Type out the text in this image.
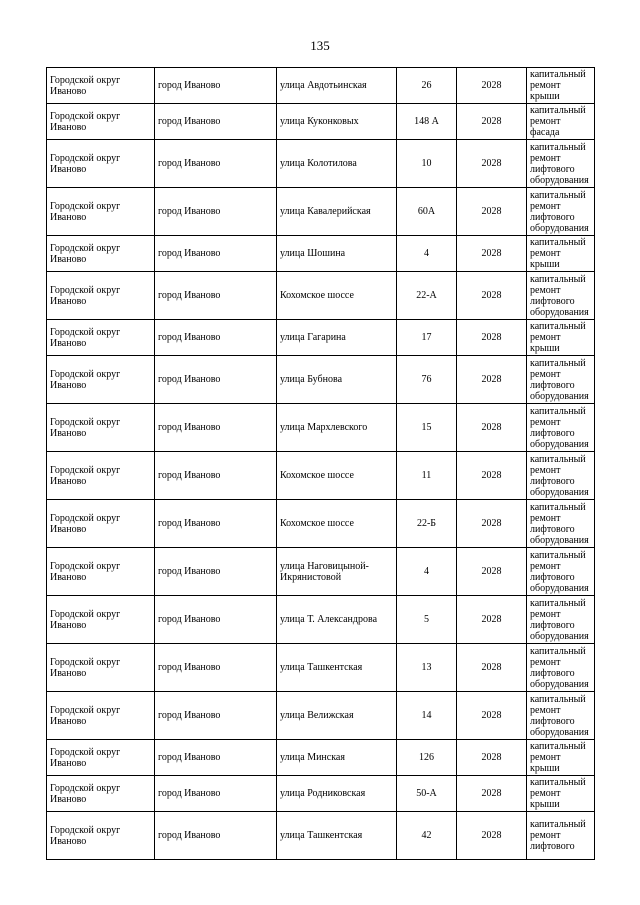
135
Городской округ Иваново	город Иваново	улица Авдотьинская	26	2028	капитальный ремонт крыши
Городской округ Иваново	город Иваново	улица Куконковых	148 А	2028	капитальный ремонт фасада
Городской округ Иваново	город Иваново	улица Колотилова	10	2028	капитальный ремонт лифтового оборудования
Городской округ Иваново	город Иваново	улица Кавалерийская	60А	2028	капитальный ремонт лифтового оборудования
Городской округ Иваново	город Иваново	улица Шошина	4	2028	капитальный ремонт крыши
Городской округ Иваново	город Иваново	Кохомское шоссе	22-А	2028	капитальный ремонт лифтового оборудования
Городской округ Иваново	город Иваново	улица Гагарина	17	2028	капитальный ремонт крыши
Городской округ Иваново	город Иваново	улица Бубнова	76	2028	капитальный ремонт лифтового оборудования
Городской округ Иваново	город Иваново	улица Мархлевского	15	2028	капитальный ремонт лифтового оборудования
Городской округ Иваново	город Иваново	Кохомское шоссе	11	2028	капитальный ремонт лифтового оборудования
Городской округ Иваново	город Иваново	Кохомское шоссе	22-Б	2028	капитальный ремонт лифтового оборудования
Городской округ Иваново	город Иваново	улица Наговицыной-Икрянистовой	4	2028	капитальный ремонт лифтового оборудования
Городской округ Иваново	город Иваново	улица Т. Александрова	5	2028	капитальный ремонт лифтового оборудования
Городской округ Иваново	город Иваново	улица Ташкентская	13	2028	капитальный ремонт лифтового оборудования
Городской округ Иваново	город Иваново	улица Велижская	14	2028	капитальный ремонт лифтового оборудования
Городской округ Иваново	город Иваново	улица Минская	126	2028	капитальный ремонт крыши
Городской округ Иваново	город Иваново	улица Родниковская	50-А	2028	капитальный ремонт крыши
Городской округ Иваново	город Иваново	улица Ташкентская	42	2028	капитальный ремонт лифтового
